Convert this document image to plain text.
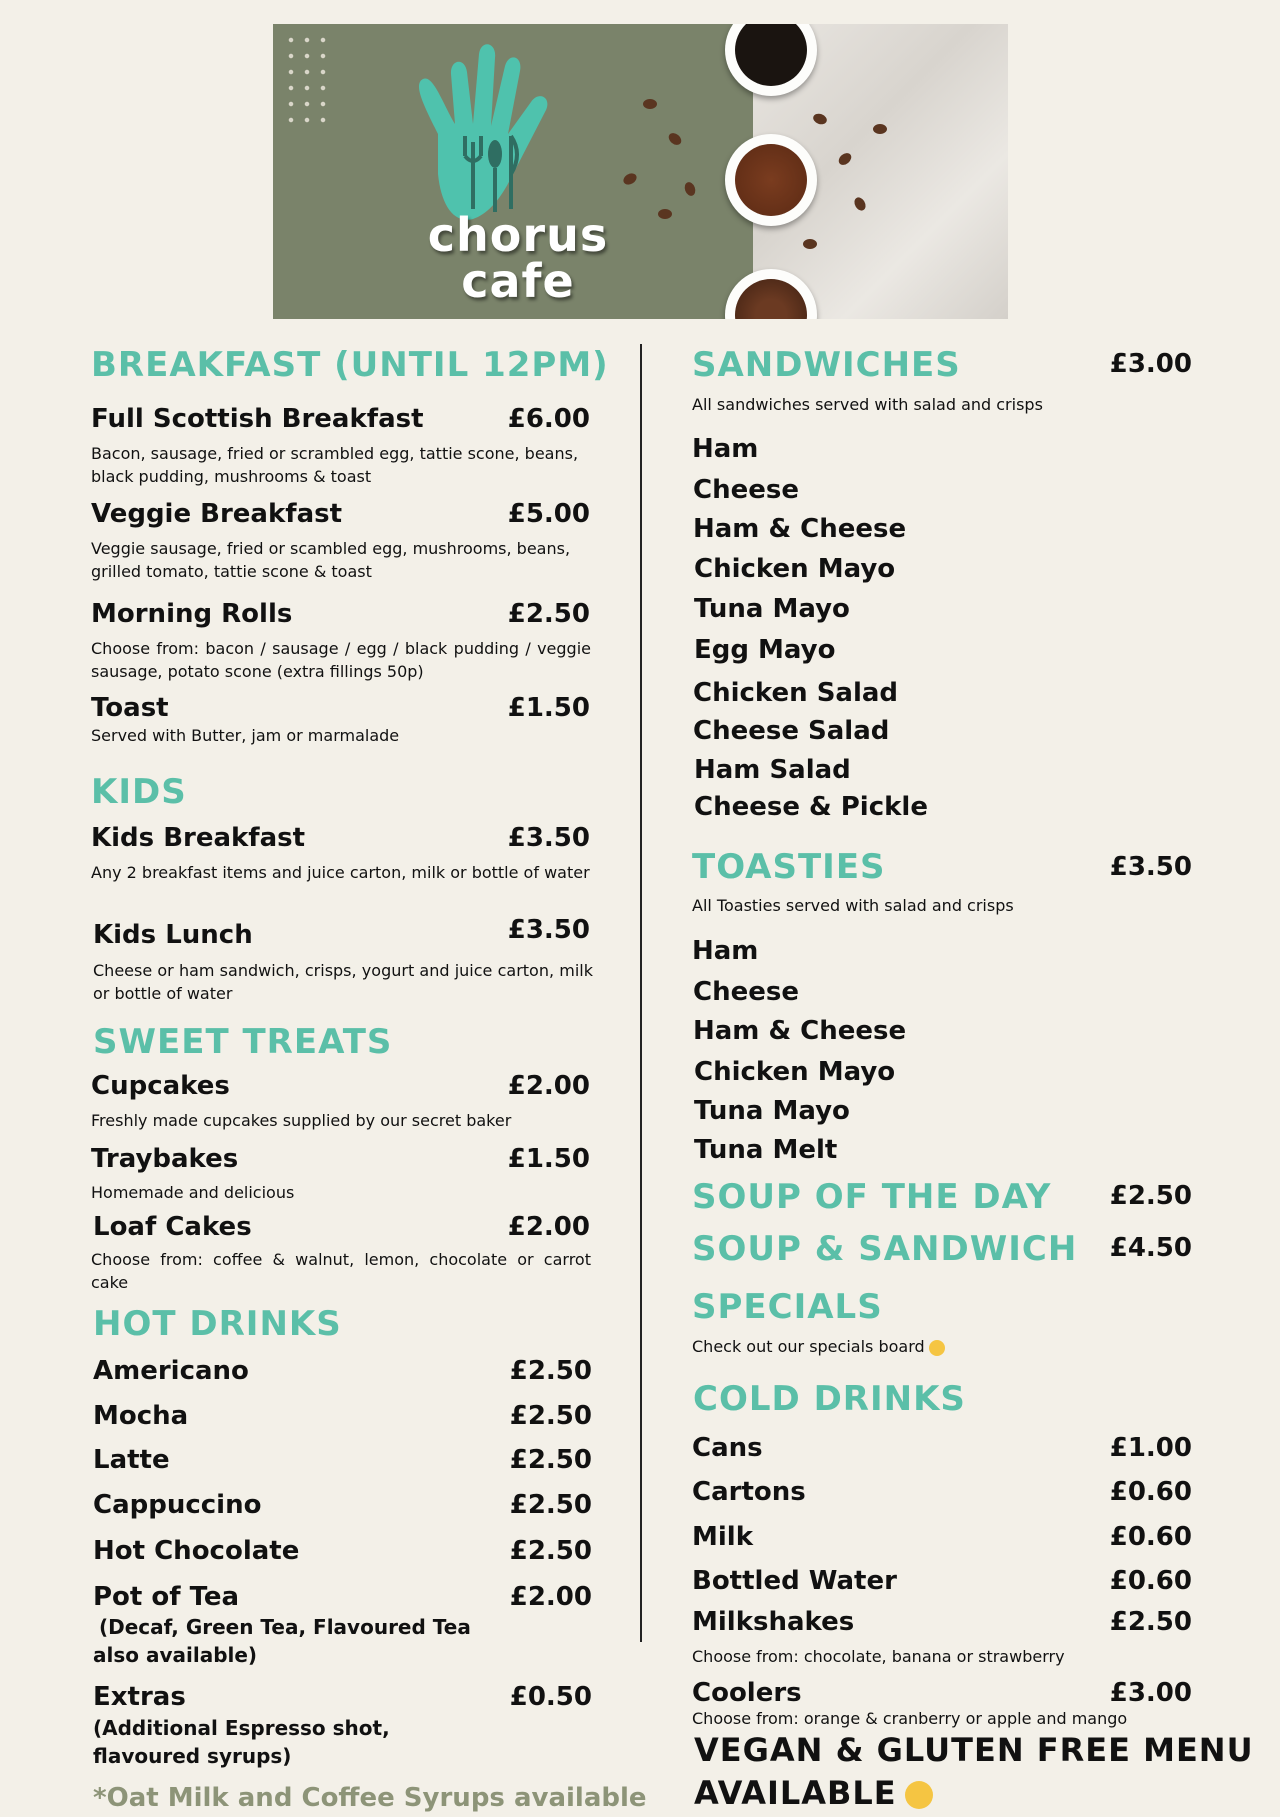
chorus
cafe
BREAKFAST (UNTIL 12PM)
Full Scottish Breakfast	£6.00
Bacon, sausage, fried or scrambled egg, tattie scone, beans, black pudding, mushrooms & toast
Veggie Breakfast	£5.00
Veggie sausage, fried or scambled egg, mushrooms, beans, grilled tomato, tattie scone & toast
Morning Rolls	£2.50
Choose from: bacon / sausage / egg / black pudding / veggie sausage, potato scone (extra fillings 50p)
Toast	£1.50
Served with Butter, jam or marmalade
KIDS
Kids Breakfast	£3.50
Any 2 breakfast items and juice carton, milk or bottle of water
Kids Lunch	£3.50
Cheese or ham sandwich, crisps, yogurt and juice carton, milk or bottle of water
SWEET TREATS
Cupcakes	£2.00
Freshly made cupcakes supplied by our secret baker
Traybakes	£1.50
Homemade and delicious
Loaf Cakes	£2.00
Choose from: coffee & walnut, lemon, chocolate or carrot cake
HOT DRINKS
Americano	£2.50
Mocha	£2.50
Latte	£2.50
Cappuccino	£2.50
Hot Chocolate	£2.50
Pot of Tea	£2.00
(Decaf, Green Tea, Flavoured Tea also available)
Extras	£0.50
(Additional Espresso shot, flavoured syrups)
*Oat Milk and Coffee Syrups available
SANDWICHES	£3.00
All sandwiches served with salad and crisps
Ham
Cheese
Ham & Cheese
Chicken Mayo
Tuna Mayo
Egg Mayo
Chicken Salad
Cheese Salad
Ham Salad
Cheese & Pickle
TOASTIES	£3.50
All Toasties served with salad and crisps
Ham
Cheese
Ham & Cheese
Chicken Mayo
Tuna Mayo
Tuna Melt
SOUP OF THE DAY	£2.50
SOUP & SANDWICH	£4.50
SPECIALS
Check out our specials board
COLD DRINKS
Cans	£1.00
Cartons	£0.60
Milk	£0.60
Bottled Water	£0.60
Milkshakes	£2.50
Choose from: chocolate, banana or strawberry
Coolers	£3.00
Choose from: orange & cranberry or apple and mango
VEGAN & GLUTEN FREE MENU
AVAILABLE
